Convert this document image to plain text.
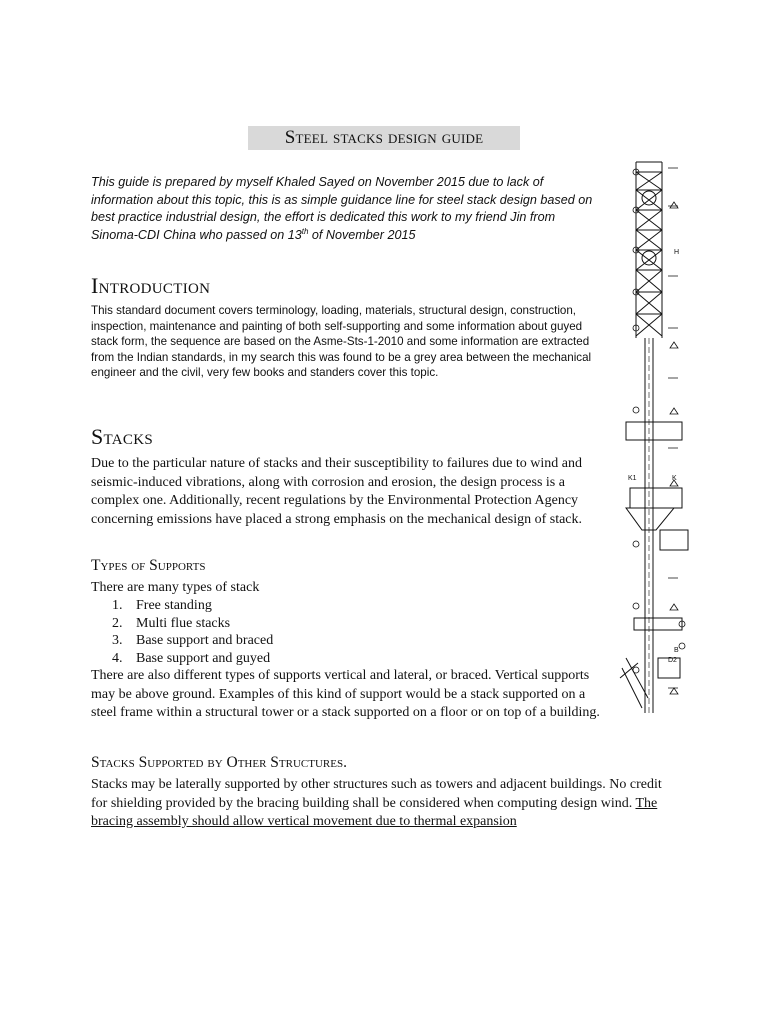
Steel stacks design guide

This guide is prepared by myself Khaled Sayed on November 2015 due to lack of information about this topic, this is as simple guidance line for steel stack design based on best practice industrial design, the effort is dedicated this work to my friend Jin from Sinoma-CDI China who passed on 13th of November 2015

Introduction

This standard document covers terminology, loading, materials, structural design, construction, inspection, maintenance and painting of both self-supporting and some information about guyed stack form, the sequence are based on the Asme-Sts-1-2010 and some information are extracted from the Indian standards, in my search this was found to be a grey area between the mechanical engineer and the civil, very few books and standers cover this topic.

Stacks

Due to the particular nature of stacks and their susceptibility to failures due to wind and seismic-induced vibrations, along with corrosion and erosion, the design process is a complex one. Additionally, recent regulations by the Environmental Protection Agency concerning emissions have placed a strong emphasis on the mechanical design of stack.

Types of Supports

There are many types of stack

1. Free standing
2. Multi flue stacks
3. Base support and braced
4. Base support and guyed

There are also different types of supports vertical and lateral, or braced. Vertical supports may be above ground. Examples of this kind of support would be a stack supported on a steel frame within a structural tower or a stack supported on a floor or on top of a building.

Stacks Supported by Other Structures.

Stacks may be laterally supported by other structures such as towers and adjacent buildings. No credit for shielding provided by the bracing building shall be considered when computing design wind. The bracing assembly should allow vertical movement due to thermal expansion

H
K1	K
B
D2
